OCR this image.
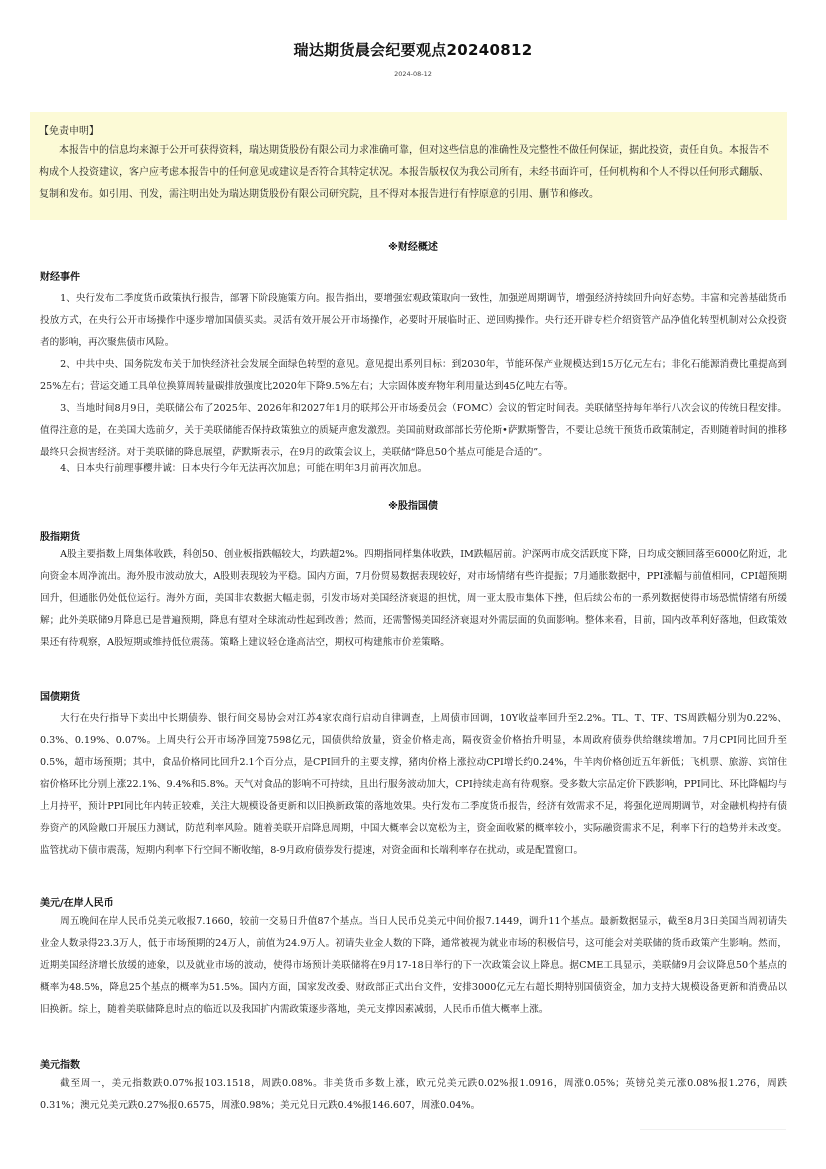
瑞达期货晨会纪要观点20240812
2024-08-12
【免责申明】
本报告中的信息均来源于公开可获得资料，瑞达期货股份有限公司力求准确可靠，但对这些信息的准确性及完整性不做任何保证，据此投资，责任自负。本报告不构成个人投资建议，客户应考虑本报告中的任何意见或建议是否符合其特定状况。本报告版权仅为我公司所有，未经书面许可，任何机构和个人不得以任何形式翻版、复制和发布。如引用、刊发，需注明出处为瑞达期货股份有限公司研究院，且不得对本报告进行有悖原意的引用、删节和修改。
※财经概述
财经事件
1、央行发布二季度货币政策执行报告，部署下阶段施策方向。报告指出，要增强宏观政策取向一致性，加强逆周期调节，增强经济持续回升向好态势。丰富和完善基础货币投放方式，在央行公开市场操作中逐步增加国债买卖。灵活有效开展公开市场操作，必要时开展临时正、逆回购操作。央行还开辟专栏介绍资管产品净值化转型机制对公众投资者的影响，再次聚焦债市风险。
2、中共中央、国务院发布关于加快经济社会发展全面绿色转型的意见。意见提出系列目标：到2030年，节能环保产业规模达到15万亿元左右；非化石能源消费比重提高到25%左右；营运交通工具单位换算周转量碳排放强度比2020年下降9.5%左右；大宗固体废弃物年利用量达到45亿吨左右等。
3、当地时间8月9日，美联储公布了2025年、2026年和2027年1月的联邦公开市场委员会（FOMC）会议的暂定时间表。美联储坚持每年举行八次会议的传统日程安排。值得注意的是，在美国大选前夕，关于美联储能否保持政策独立的质疑声愈发激烈。美国前财政部部长劳伦斯•萨默斯警告，不要让总统干预货币政策制定，否则随着时间的推移最终只会损害经济。对于美联储的降息展望，萨默斯表示，在9月的政策会议上，美联储“降息50个基点可能是合适的”。
4、日本央行前理事樱井诚：日本央行今年无法再次加息；可能在明年3月前再次加息。
※股指国债
股指期货
A股主要指数上周集体收跌，科创50、创业板指跌幅较大，均跌超2%。四期指同样集体收跌，IM跌幅居前。沪深两市成交活跃度下降，日均成交额回落至6000亿附近，北向资金本周净流出。海外股市波动放大，A股则表现较为平稳。国内方面，7月份贸易数据表现较好，对市场情绪有些许提振；7月通胀数据中，PPI涨幅与前值相同，CPI超预期回升，但通胀仍处低位运行。海外方面，美国非农数据大幅走弱，引发市场对美国经济衰退的担忧，周一亚太股市集体下挫，但后续公布的一系列数据使得市场恐慌情绪有所缓解；此外美联储9月降息已是普遍预期，降息有望对全球流动性起到改善；然而，还需警惕美国经济衰退对外需层面的负面影响。整体来看，目前，国内改革利好落地，但政策效果还有待观察，A股短期或维持低位震荡。策略上建议轻仓逢高沽空，期权可构建熊市价差策略。
国债期货
大行在央行指导下卖出中长期债券、银行间交易协会对江苏4家农商行启动自律调查，上周债市回调，10Y收益率回升至2.2%。TL、T、TF、TS周跌幅分别为0.22%、0.3%、0.19%、0.07%。上周央行公开市场净回笼7598亿元，国债供给放量，资金价格走高，隔夜资金价格抬升明显，本周政府债券供给继续增加。7月CPI同比回升至0.5%，超市场预期；其中，食品价格同比回升2.1个百分点，是CPI回升的主要支撑，猪肉价格上涨拉动CPI增长约0.24%，牛羊肉价格创近五年新低；飞机票、旅游、宾馆住宿价格环比分别上涨22.1%、9.4%和5.8%。天气对食品的影响不可持续，且出行服务波动加大，CPI持续走高有待观察。受多数大宗品定价下跌影响，PPI同比、环比降幅均与上月持平，预计PPI同比年内转正较难，关注大规模设备更新和以旧换新政策的落地效果。央行发布二季度货币报告，经济有效需求不足，将强化逆周期调节，对金融机构持有债券资产的风险敞口开展压力测试，防范利率风险。随着美联开启降息周期，中国大概率会以宽松为主，资金面收紧的概率较小，实际融资需求不足，利率下行的趋势并未改变。监管扰动下债市震荡，短期内利率下行空间不断收缩，8-9月政府债券发行提速，对资金面和长端利率存在扰动，或是配置窗口。
美元/在岸人民币
周五晚间在岸人民币兑美元收报7.1660，较前一交易日升值87个基点。当日人民币兑美元中间价报7.1449，调升11个基点。最新数据显示，截至8月3日美国当周初请失业金人数录得23.3万人，低于市场预期的24万人，前值为24.9万人。初请失业金人数的下降，通常被视为就业市场的积极信号，这可能会对美联储的货币政策产生影响。然而，近期美国经济增长放缓的迹象，以及就业市场的波动，使得市场预计美联储将在9月17-18日举行的下一次政策会议上降息。据CME工具显示，美联储9月会议降息50个基点的概率为48.5%，降息25个基点的概率为51.5%。国内方面，国家发改委、财政部正式出台文件，安排3000亿元左右超长期特别国债资金，加力支持大规模设备更新和消费品以旧换新。综上，随着美联储降息时点的临近以及我国扩内需政策逐步落地，美元支撑因素减弱，人民币币值大概率上涨。
美元指数
截至周一，美元指数跌0.07%报103.1518，周跌0.08%。非美货币多数上涨，欧元兑美元跌0.02%报1.0916，周涨0.05%；英镑兑美元涨0.08%报1.276，周跌0.31%；澳元兑美元跌0.27%报0.6575，周涨0.98%；美元兑日元跌0.4%报146.607，周涨0.04%。
